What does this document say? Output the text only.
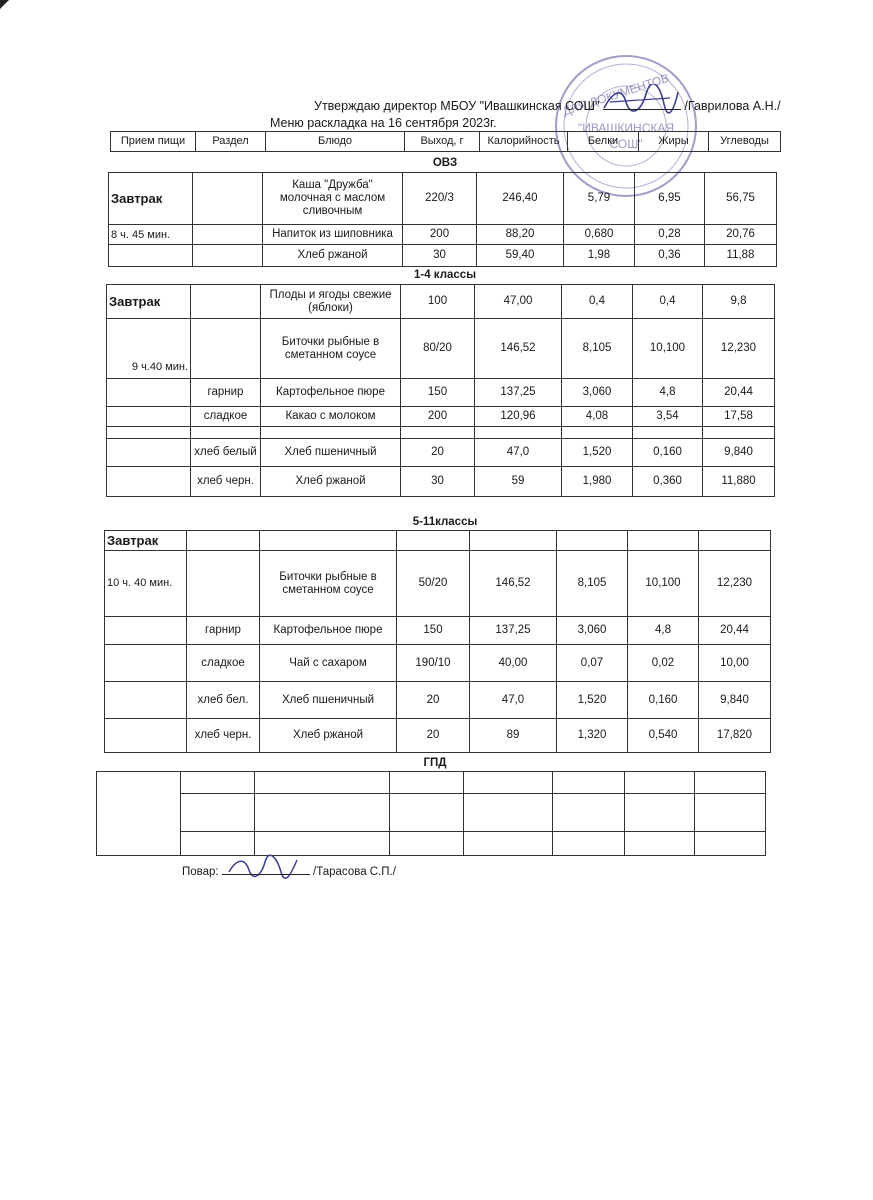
ДЛЯ ДОКУМЕНТОВ
"ИВАШКИНСКАЯ
СОШ"
Утверждаю директор МБОУ "Ивашкинская СОШ"	/Гаврилова А.Н./
Меню раскладка на 16 сентября 2023г.
Прием пищи	Раздел	Блюдо	Выход, г	Калорийность	Белки	Жиры	Углеводы
ОВЗ
Завтрак		Каша "Дружба" молочная с маслом сливочным	220/3	246,40	5,79	6,95	56,75
8 ч. 45 мин.		Напиток из шиповника	200	88,20	0,680	0,28	20,76
		Хлеб ржаной	30	59,40	1,98	0,36	11,88
1-4 классы
Завтрак		Плоды и ягоды свежие (яблоки)	100	47,00	0,4	0,4	9,8
9 ч.40 мин.		Биточки рыбные в сметанном соусе	80/20	146,52	8,105	10,100	12,230
	гарнир	Картофельное пюре	150	137,25	3,060	4,8	20,44
	сладкое	Какао с молоком	200	120,96	4,08	3,54	17,58

	хлеб белый	Хлеб пшеничный	20	47,0	1,520	0,160	9,840
	хлеб черн.	Хлеб ржаной	30	59	1,980	0,360	11,880
5-11классы
Завтрак							
10 ч. 40 мин.		Биточки рыбные в сметанном соусе	50/20	146,52	8,105	10,100	12,230
	гарнир	Картофельное пюре	150	137,25	3,060	4,8	20,44
	сладкое	Чай с сахаром	190/10	40,00	0,07	0,02	10,00
	хлеб бел.	Хлеб пшеничный	20	47,0	1,520	0,160	9,840
	хлеб черн.	Хлеб ржаной	20	89	1,320	0,540	17,820
ГПД

Повар:	/Тарасова С.П./
